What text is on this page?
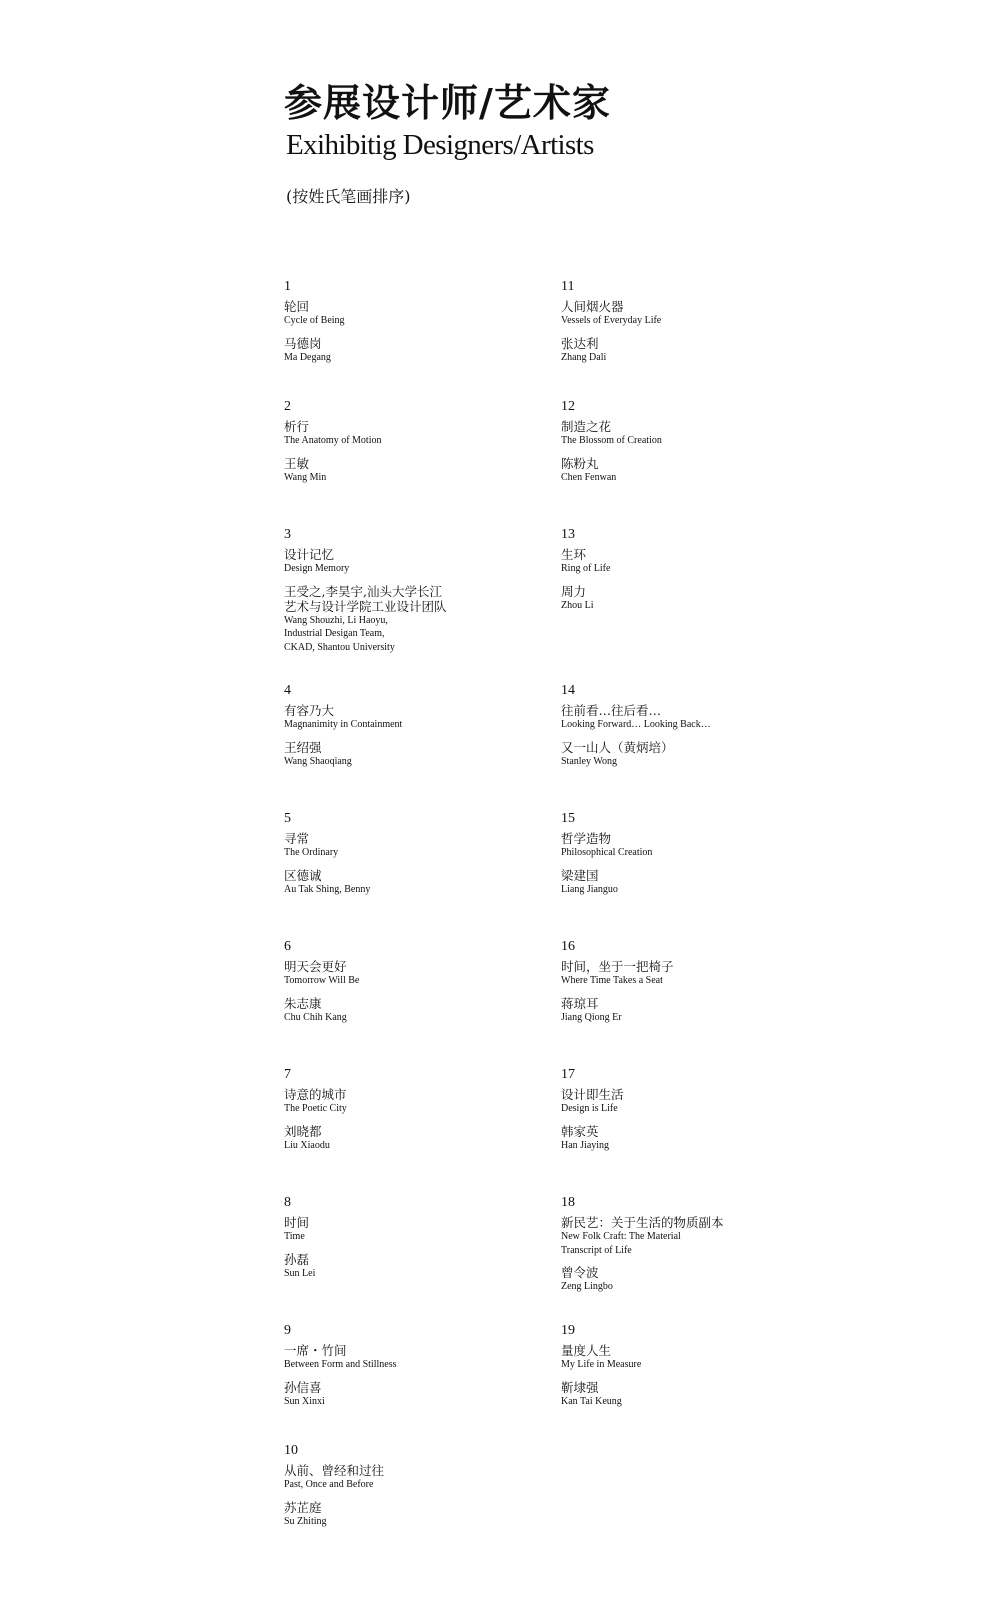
参展设计师/艺术家
Exihibitig Designers/Artists
(按姓氏笔画排序)
1
轮回
Cycle of Being
马德岗
Ma Degang
2
析行
The Anatomy of Motion
王敏
Wang Min
3
设计记忆
Design Memory
王受之,李昊宇,汕头大学长江
艺术与设计学院工业设计团队
Wang Shouzhi, Li Haoyu,
Industrial Desigan Team,
CKAD, Shantou University
4
有容乃大
Magnanimity in Containment
王绍强
Wang Shaoqiang
5
寻常
The Ordinary
区德诚
Au Tak Shing, Benny
6
明天会更好
Tomorrow Will Be
朱志康
Chu Chih Kang
7
诗意的城市
The Poetic City
刘晓都
Liu Xiaodu
8
时间
Time
孙磊
Sun Lei
9
一席・竹间
Between Form and Stillness
孙信喜
Sun Xinxi
10
从前、曾经和过往
Past, Once and Before
苏芷庭
Su Zhiting
11
人间烟火器
Vessels of Everyday Life
张达利
Zhang Dali
12
制造之花
The Blossom of Creation
陈粉丸
Chen Fenwan
13
生环
Ring of Life
周力
Zhou Li
14
往前看…往后看…
Looking Forward… Looking Back…
又一山人（黄炳培）
Stanley Wong
15
哲学造物
Philosophical Creation
梁建国
Liang Jianguo
16
时间，坐于一把椅子
Where Time Takes a Seat
蒋琼耳
Jiang Qiong Er
17
设计即生活
Design is Life
韩家英
Han Jiaying
18
新民艺：关于生活的物质副本
New Folk Craft: The Material
Transcript of Life
曾令波
Zeng Lingbo
19
量度人生
My Life in Measure
靳埭强
Kan Tai Keung
